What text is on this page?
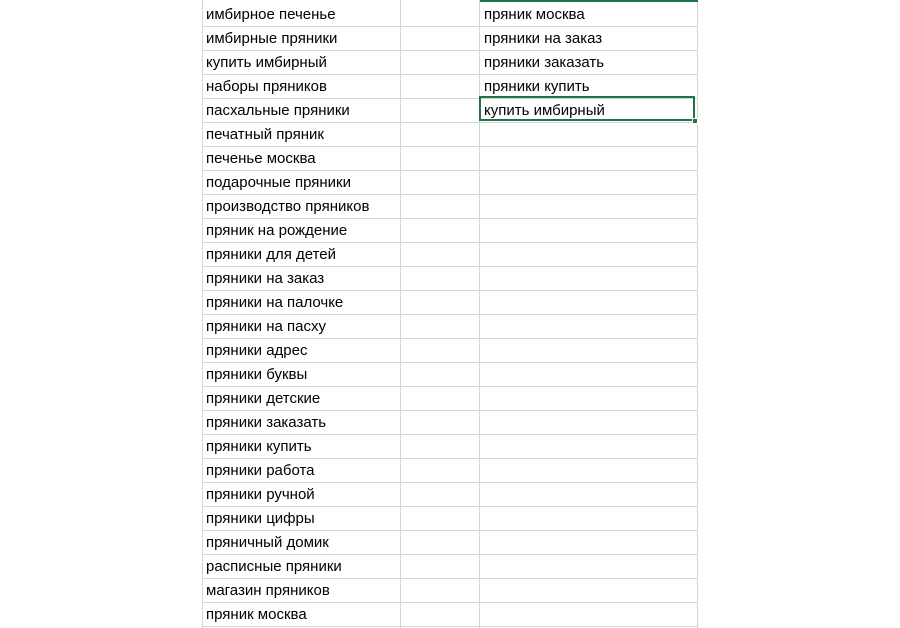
имбирное печенье	пряник москва
имбирные пряники	пряники на заказ
купить имбирный	пряники заказать
наборы пряников	пряники купить
пасхальные пряники	купить имбирный
печатный пряник
печенье москва
подарочные пряники
производство пряников
пряник на рождение
пряники для детей
пряники на заказ
пряники на палочке
пряники на пасху
пряники адрес
пряники буквы
пряники детские
пряники заказать
пряники купить
пряники работа
пряники ручной
пряники цифры
пряничный домик
расписные пряники
магазин пряников
пряник москва
